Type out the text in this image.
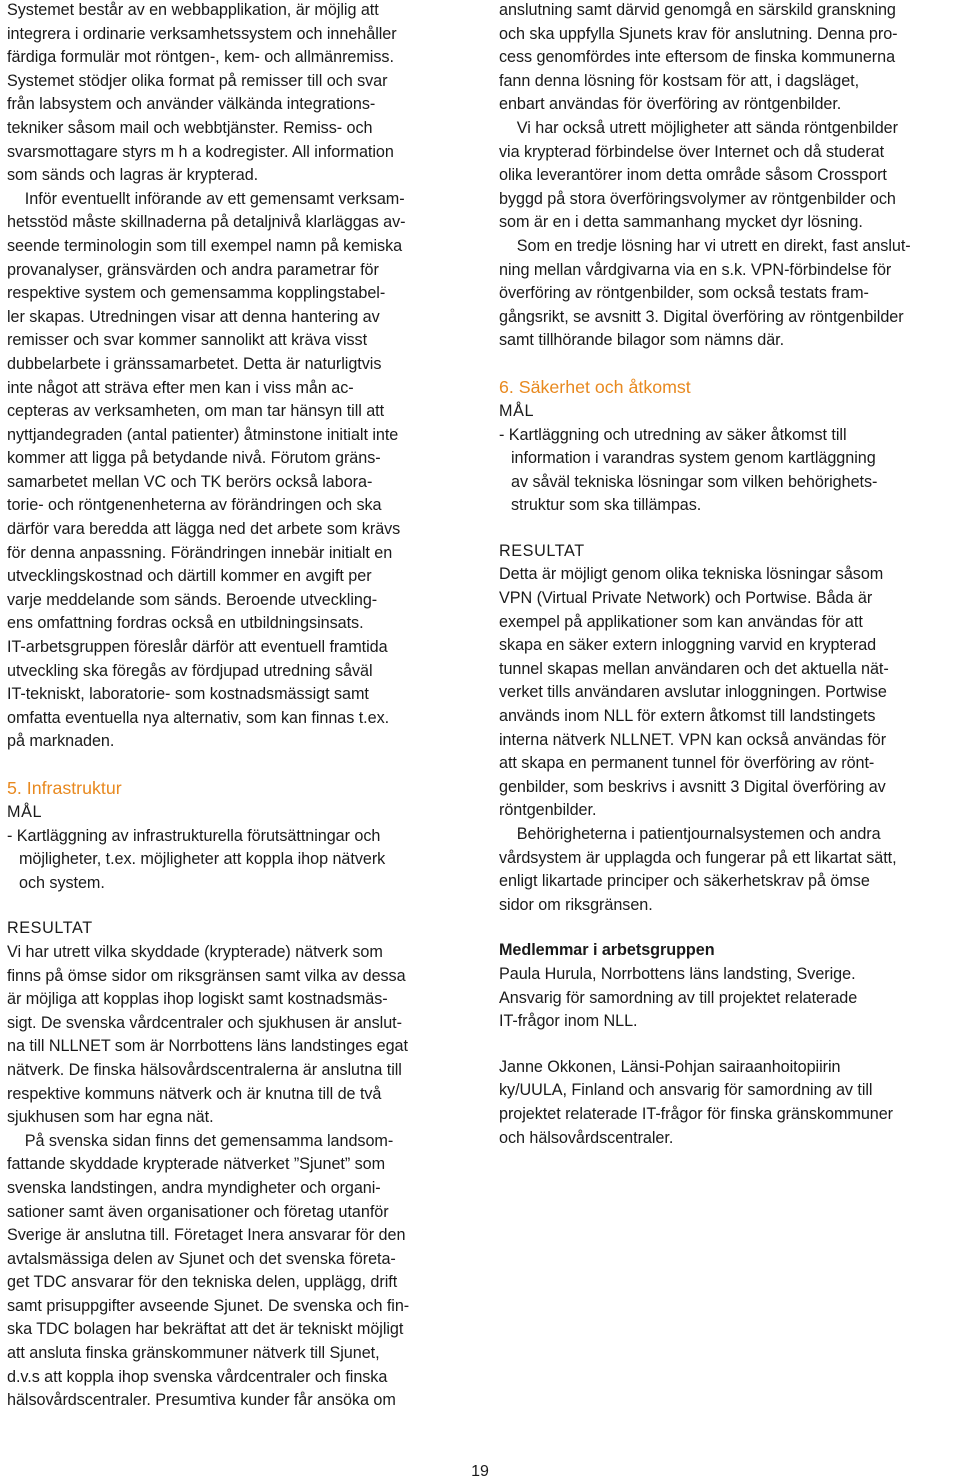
Systemet består av en webbapplikation, är möjlig att
integrera i ordinarie verksamhetssystem och innehåller
färdiga formulär mot röntgen-, kem- och allmänremiss.
Systemet stödjer olika format på remisser till och svar
från labsystem och använder välkända integrations-
tekniker såsom mail och webbtjänster. Remiss- och
svarsmottagare styrs m h a kodregister. All information
som sänds och lagras är krypterad.
Inför eventuellt införande av ett gemensamt verksam-
hetsstöd måste skillnaderna på detaljnivå klarläggas av-
seende terminologin som till exempel namn på kemiska
provanalyser, gränsvärden och andra parametrar för
respektive system och gemensamma kopplingstabel-
ler skapas. Utredningen visar att denna hantering av
remisser och svar kommer sannolikt att kräva visst
dubbelarbete i gränssamarbetet. Detta är naturligtvis
inte något att sträva efter men kan i viss mån ac-
cepteras av verksamheten, om man tar hänsyn till att
nyttjandegraden (antal patienter) åtminstone initialt inte
kommer att ligga på betydande nivå. Förutom gräns-
samarbetet mellan VC och TK berörs också labora-
torie- och röntgenenheterna av förändringen och ska
därför vara beredda att lägga ned det arbete som krävs
för denna anpassning. Förändringen innebär initialt en
utvecklingskostnad och därtill kommer en avgift per
varje meddelande som sänds. Beroende utveckling-
ens omfattning fordras också en utbildningsinsats.
IT-arbetsgruppen föreslår därför att eventuell framtida
utveckling ska föregås av fördjupad utredning såväl
IT-tekniskt, laboratorie- som kostnadsmässigt samt
omfatta eventuella nya alternativ, som kan finnas t.ex.
på marknaden.
5. Infrastruktur
MÅL
- Kartläggning av infrastrukturella förutsättningar och
möjligheter, t.ex. möjligheter att koppla ihop nätverk
och system.
RESULTAT
Vi har utrett vilka skyddade (krypterade) nätverk som
finns på ömse sidor om riksgränsen samt vilka av dessa
är möjliga att kopplas ihop logiskt samt kostnadsmäs-
sigt. De svenska vårdcentraler och sjukhusen är anslut-
na till NLLNET som är Norrbottens läns landstinges egat
nätverk. De finska hälsovårdscentralerna är anslutna till
respektive kommuns nätverk och är knutna till de två
sjukhusen som har egna nät.
På svenska sidan finns det gemensamma landsom-
fattande skyddade krypterade nätverket ”Sjunet” som
svenska landstingen, andra myndigheter och organi-
sationer samt även organisationer och företag utanför
Sverige är anslutna till. Företaget Inera ansvarar för den
avtalsmässiga delen av Sjunet och det svenska företa-
get TDC ansvarar för den tekniska delen, upplägg, drift
samt prisuppgifter avseende Sjunet. De svenska och fin-
ska TDC bolagen har bekräftat att det är tekniskt möjligt
att ansluta finska gränskommuner nätverk till Sjunet,
d.v.s att koppla ihop svenska vårdcentraler och finska
hälsovårdscentraler. Presumtiva kunder får ansöka om
anslutning samt därvid genomgå en särskild granskning
och ska uppfylla Sjunets krav för anslutning. Denna pro-
cess genomfördes inte eftersom de finska kommunerna
fann denna lösning för kostsam för att, i dagsläget,
enbart användas för överföring av röntgenbilder.
Vi har också utrett möjligheter att sända röntgenbilder
via krypterad förbindelse över Internet och då studerat
olika leverantörer inom detta område såsom Crossport
byggd på stora överföringsvolymer av röntgenbilder och
som är en i detta sammanhang mycket dyr lösning.
Som en tredje lösning har vi utrett en direkt, fast anslut-
ning mellan vårdgivarna via en s.k. VPN-förbindelse för
överföring av röntgenbilder, som också testats fram-
gångsrikt, se avsnitt 3. Digital överföring av röntgenbilder
samt tillhörande bilagor som nämns där.
6. Säkerhet och åtkomst
MÅL
- Kartläggning och utredning av säker åtkomst till
information i varandras system genom kartläggning
av såväl tekniska lösningar som vilken behörighets-
struktur som ska tillämpas.
RESULTAT
Detta är möjligt genom olika tekniska lösningar såsom
VPN (Virtual Private Network) och Portwise. Båda är
exempel på applikationer som kan användas för att
skapa en säker extern inloggning varvid en krypterad
tunnel skapas mellan användaren och det aktuella nät-
verket tills användaren avslutar inloggningen. Portwise
används inom NLL för extern åtkomst till landstingets
interna nätverk NLLNET. VPN kan också användas för
att skapa en permanent tunnel för överföring av rönt-
genbilder, som beskrivs i avsnitt 3 Digital överföring av
röntgenbilder.
Behörigheterna i patientjournalsystemen och andra
vårdsystem är upplagda och fungerar på ett likartat sätt,
enligt likartade principer och säkerhetskrav på ömse
sidor om riksgränsen.
Medlemmar i arbetsgruppen
Paula Hurula, Norrbottens läns landsting, Sverige.
Ansvarig för samordning av till projektet relaterade
IT-frågor inom NLL.
Janne Okkonen, Länsi-Pohjan sairaanhoitopiirin
ky/UULA, Finland och ansvarig för samordning av till
projektet relaterade IT-frågor för finska gränskommuner
och hälsovårdscentraler.
19
